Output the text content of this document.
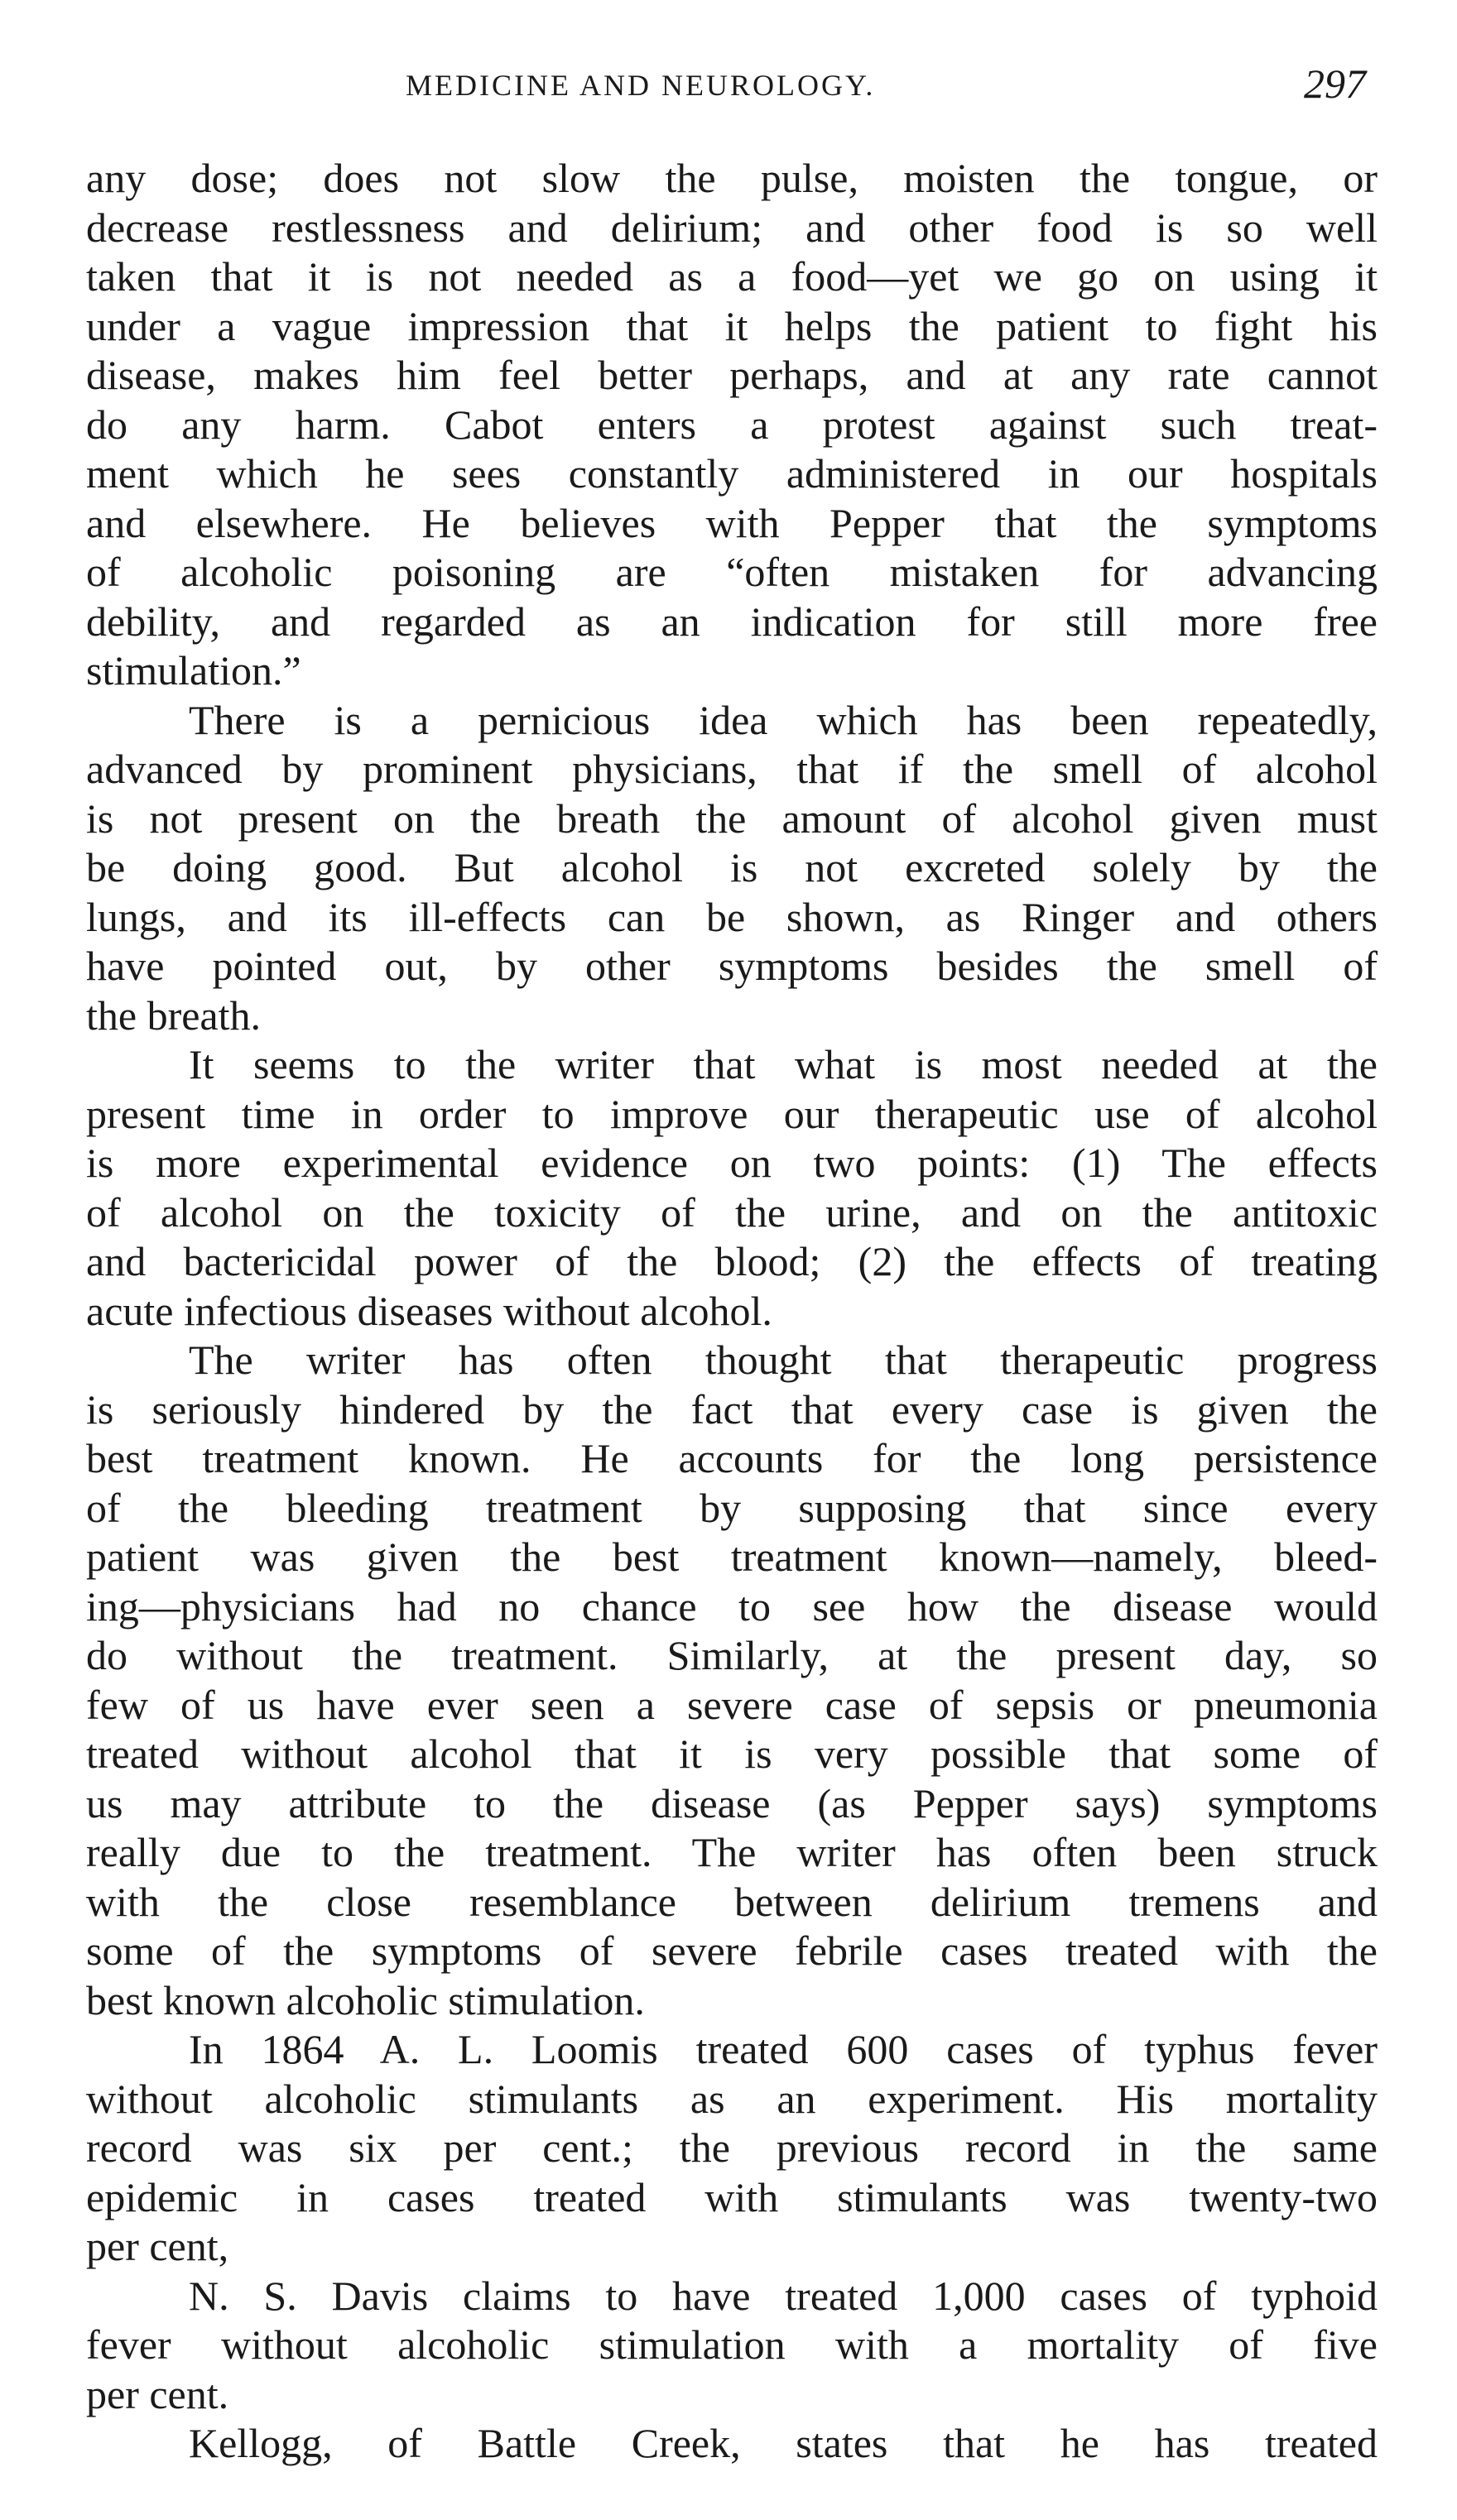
MEDICINE AND NEUROLOGY.	297
any dose; does not slow the pulse, moisten the tongue, or
decrease restlessness and delirium; and other food is so well
taken that it is not needed as a food—yet we go on using it
under a vague impression that it helps the patient to fight his
disease, makes him feel better perhaps, and at any rate cannot
do any harm. Cabot enters a protest against such treat-
ment which he sees constantly administered in our hospitals
and elsewhere. He believes with Pepper that the symptoms
of alcoholic poisoning are “often mistaken for advancing
debility, and regarded as an indication for still more free
stimulation.”
There is a pernicious idea which has been repeatedly,
advanced by prominent physicians, that if the smell of alcohol
is not present on the breath the amount of alcohol given must
be doing good. But alcohol is not excreted solely by the
lungs, and its ill-effects can be shown, as Ringer and others
have pointed out, by other symptoms besides the smell of
the breath.
It seems to the writer that what is most needed at the
present time in order to improve our therapeutic use of alcohol
is more experimental evidence on two points: (1) The effects
of alcohol on the toxicity of the urine, and on the antitoxic
and bactericidal power of the blood; (2) the effects of treating
acute infectious diseases without alcohol.
The writer has often thought that therapeutic progress
is seriously hindered by the fact that every case is given the
best treatment known. He accounts for the long persistence
of the bleeding treatment by supposing that since every
patient was given the best treatment known—namely, bleed-
ing—physicians had no chance to see how the disease would
do without the treatment. Similarly, at the present day, so
few of us have ever seen a severe case of sepsis or pneumonia
treated without alcohol that it is very possible that some of
us may attribute to the disease (as Pepper says) symptoms
really due to the treatment. The writer has often been struck
with the close resemblance between delirium tremens and
some of the symptoms of severe febrile cases treated with the
best known alcoholic stimulation.
In 1864 A. L. Loomis treated 600 cases of typhus fever
without alcoholic stimulants as an experiment. His mortality
record was six per cent.; the previous record in the same
epidemic in cases treated with stimulants was twenty-two
per cent,
N. S. Davis claims to have treated 1,000 cases of typhoid
fever without alcoholic stimulation with a mortality of five
per cent.
Kellogg, of Battle Creek, states that he has treated
